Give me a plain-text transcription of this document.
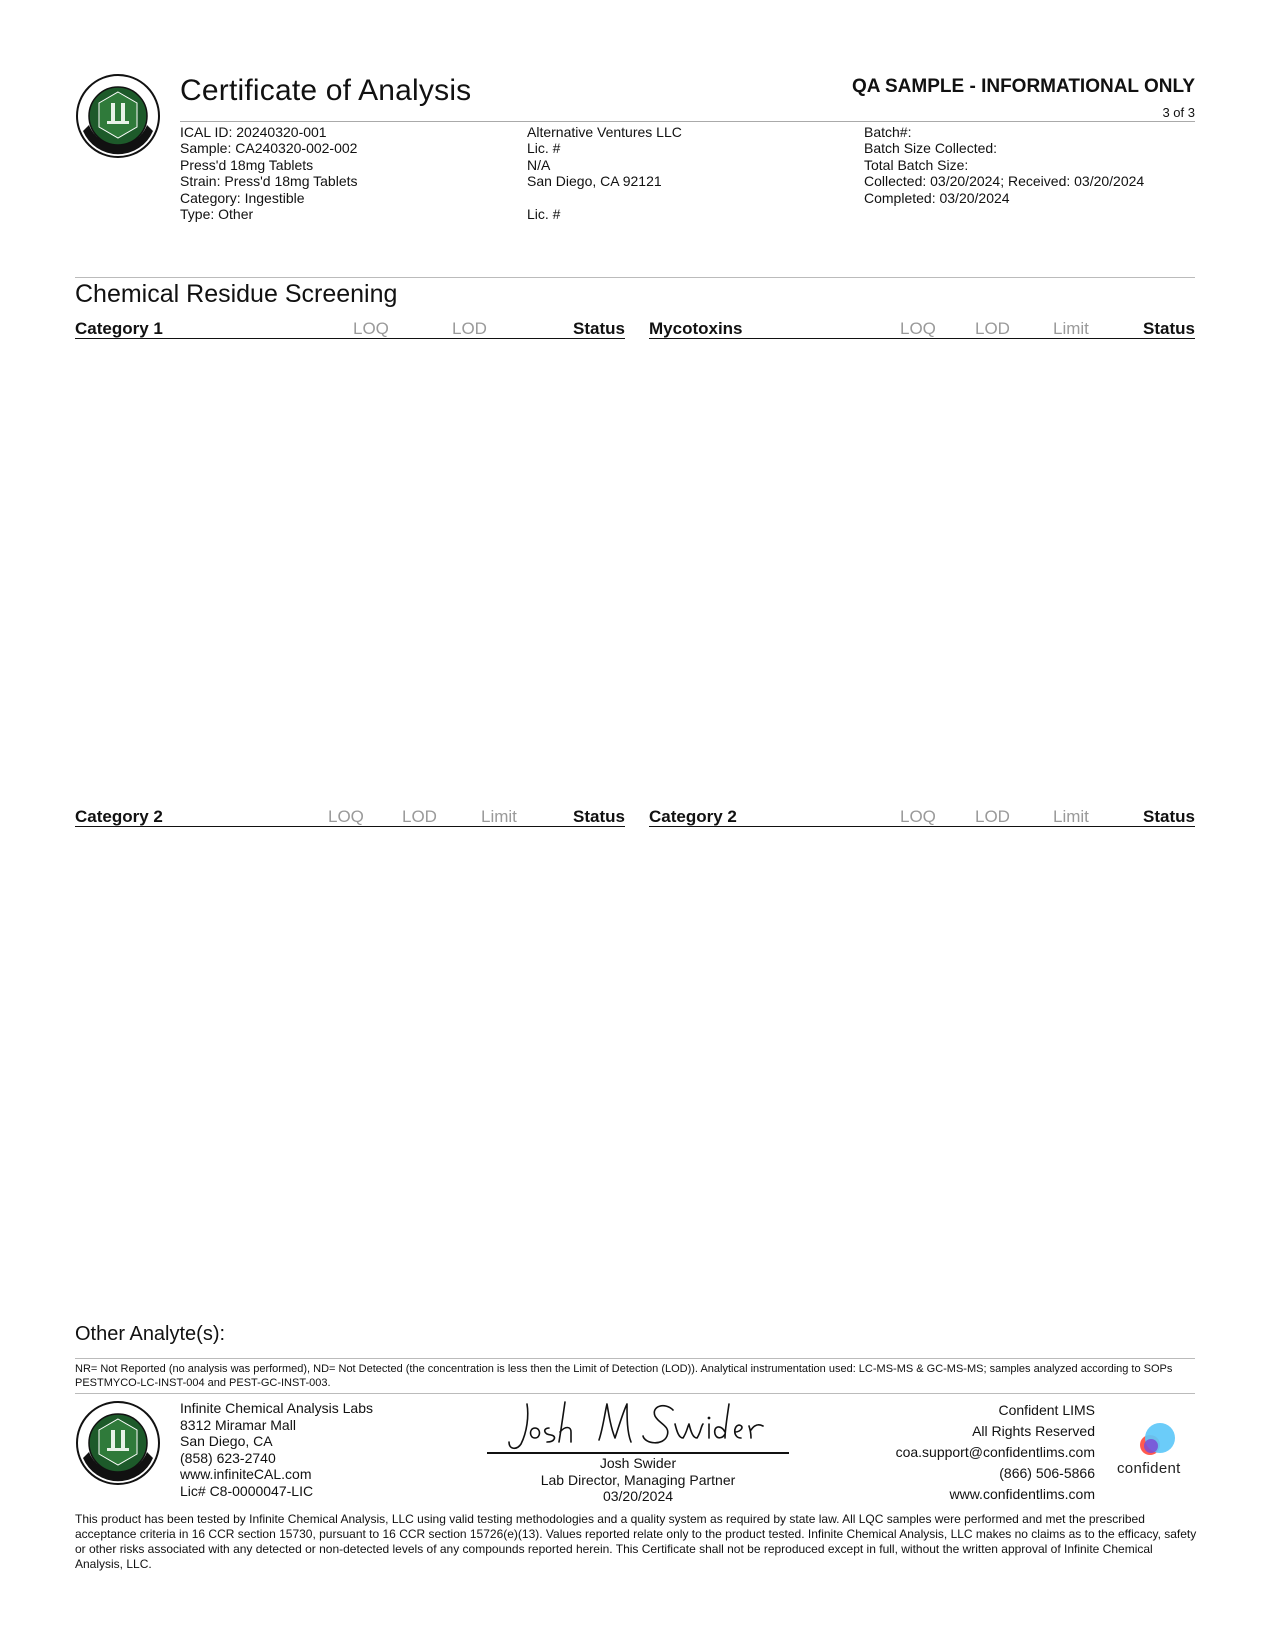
Certificate of Analysis	QA SAMPLE - INFORMATIONAL ONLY
3 of 3
ICAL ID: 20240320-001
Sample: CA240320-002-002
Press'd 18mg Tablets
Strain: Press'd 18mg Tablets
Category: Ingestible
Type: Other
Alternative Ventures LLC
Lic. #
N/A
San Diego, CA 92121
Lic. #
Batch#:
Batch Size Collected:
Total Batch Size:
Collected: 03/20/2024; Received: 03/20/2024
Completed: 03/20/2024
Chemical Residue Screening
Category 1	LOQ	LOD	Status Mycotoxins	LOQ LOD	Limit	Status
Category 2	LOQ LOD	Limit	Status Category 2	LOQ LOD	Limit	Status
Other Analyte(s):
NR= Not Reported (no analysis was performed), ND= Not Detected (the concentration is less then the Limit of Detection (LOD)). Analytical instrumentation used: LC-MS-MS & GC-MS-MS; samples analyzed according to SOPs PESTMYCO-LC-INST-004 and PEST-GC-INST-003.
Infinite Chemical Analysis Labs
8312 Miramar Mall
San Diego, CA
(858) 623-2740
www.infiniteCAL.com
Lic# C8-0000047-LIC
Josh Swider
Lab Director, Managing Partner
03/20/2024
Confident LIMS
All Rights Reserved
coa.support@confidentlims.com
(866) 506-5866
www.confidentlims.com
confident
This product has been tested by Infinite Chemical Analysis, LLC using valid testing methodologies and a quality system as required by state law. All LQC samples were performed and met the prescribed acceptance criteria in 16 CCR section 15730, pursuant to 16 CCR section 15726(e)(13). Values reported relate only to the product tested. Infinite Chemical Analysis, LLC makes no claims as to the efficacy, safety or other risks associated with any detected or non-detected levels of any compounds reported herein. This Certificate shall not be reproduced except in full, without the written approval of Infinite Chemical Analysis, LLC.
